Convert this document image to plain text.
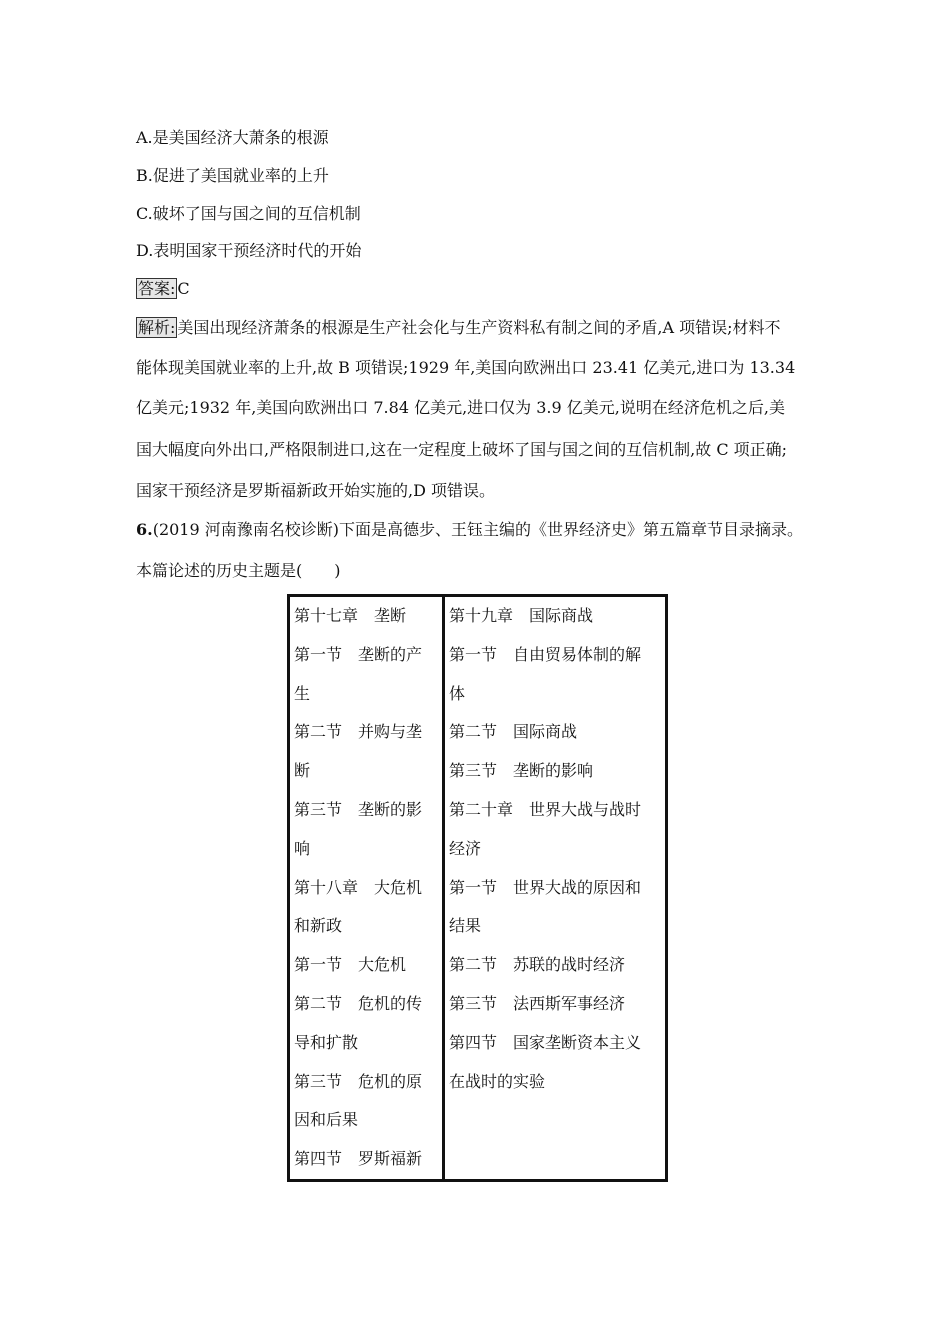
A.是美国经济大萧条的根源
B.促进了美国就业率的上升
C.破坏了国与国之间的互信机制
D.表明国家干预经济时代的开始
答案: C
解析: 美国出现经济萧条的根源是生产社会化与生产资料私有制之间的矛盾,A 项错误;材料不
能体现美国就业率的上升,故 B 项错误;1929 年,美国向欧洲出口 23.41 亿美元,进口为 13.34
亿美元;1932 年,美国向欧洲出口 7.84 亿美元,进口仅为 3.9 亿美元,说明在经济危机之后,美
国大幅度向外出口,严格限制进口,这在一定程度上破坏了国与国之间的互信机制,故 C 项正确;
国家干预经济是罗斯福新政开始实施的,D 项错误。
6.(2019 河南豫南名校诊断)下面是高德步、王钰主编的《世界经济史》第五篇章节目录摘录。
本篇论述的历史主题是(　　)
第十七章　垄断
第一节　垄断的产
生
第二节　并购与垄
断
第三节　垄断的影
响
第十八章　大危机
和新政
第一节　大危机
第二节　危机的传
导和扩散
第三节　危机的原
因和后果
第四节　罗斯福新

第十九章　国际商战
第一节　自由贸易体制的解
体
第二节　国际商战
第三节　垄断的影响
第二十章　世界大战与战时
经济
第一节　世界大战的原因和
结果
第二节　苏联的战时经济
第三节　法西斯军事经济
第四节　国家垄断资本主义
在战时的实验
